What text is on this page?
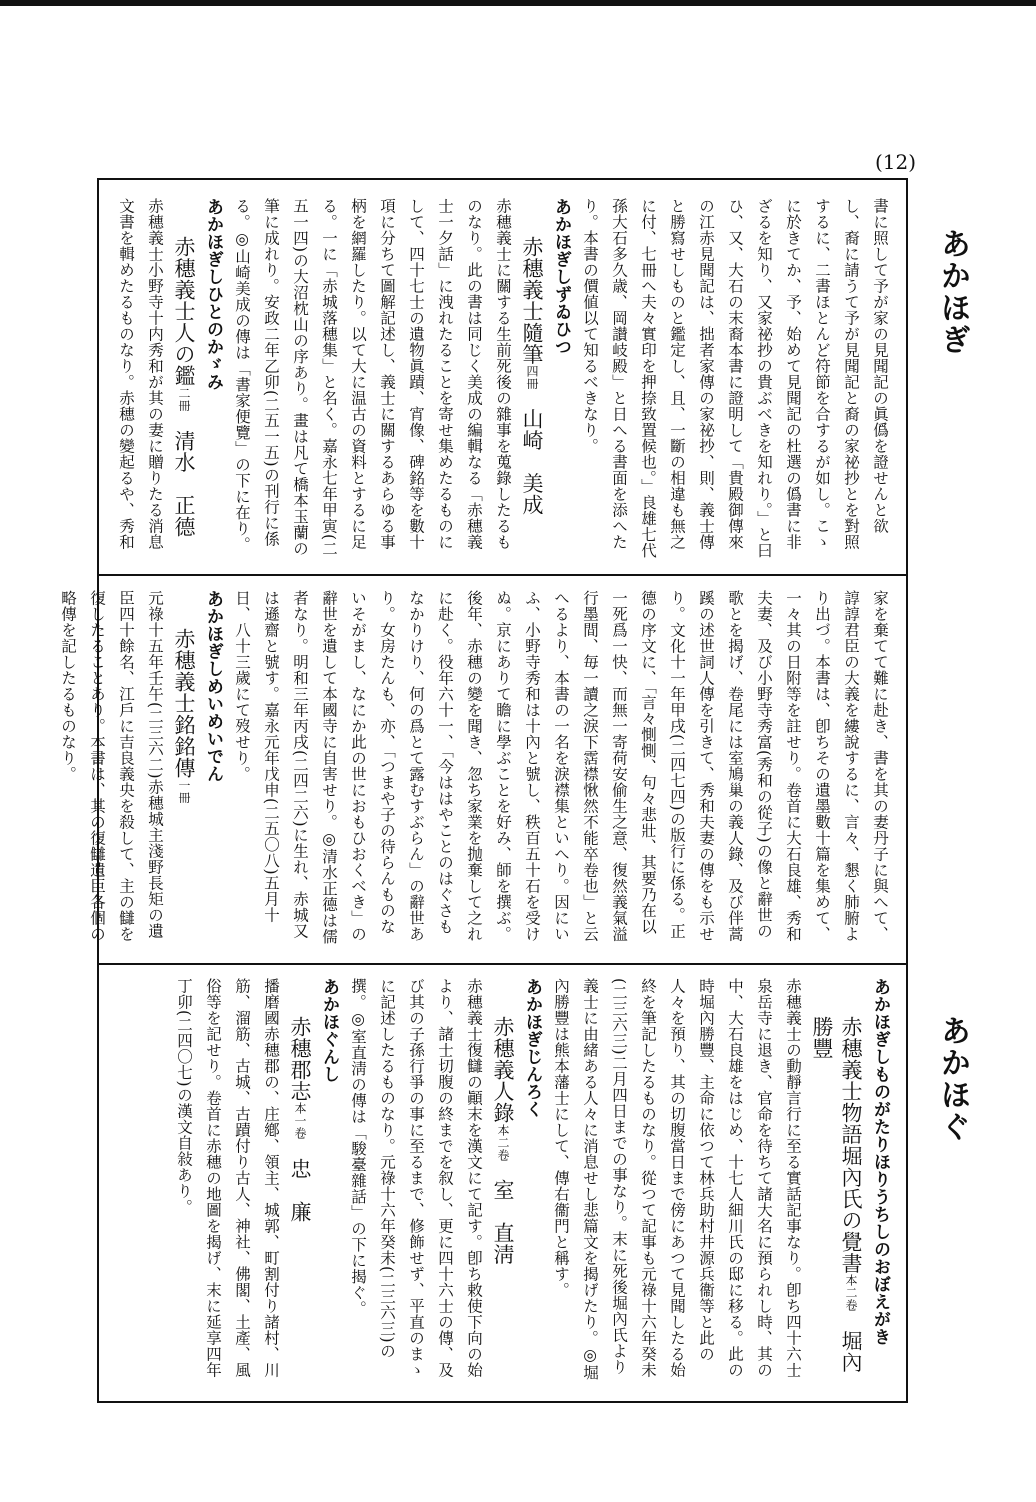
(12)
あかほぎ
あかほぐ
書に照して予が家の見聞記の眞僞を證せんと欲し、裔に請うて予が見聞記と裔の家祕抄とを對照するに、二書ほとんど符節を合するが如し。こゝに於きてか、予、始めて見聞記の杜選の僞書に非ざるを知り、又家祕抄の貴ぶべきを知れり。」と曰ひ、又、大石の末裔本書に證明して「貴殿御傳來の江赤見聞記は、拙者家傳の家祕抄、則、義士傳と勝寫せしものと鑑定し、且、一斷の相違も無之に付、七冊へ夫々實印を押捺致置候也。」良雄七代孫大石多久歳、岡讃岐殿」と日へる書面を添へたり。本書の價値以て知るべきなり。
あかほぎしずゐひつ
赤穗義士隨筆四冊山崎　美成
赤穗義士に關する生前死後の雜事を蒐錄したるものなり。此の書は同じく美成の編輯なる「赤穗義士一夕話」に洩れたることを寄せ集めたるものにして、四十七士の遺物眞蹟、宵像、碑銘等を數十項に分ちて圖解記述し、義士に關するあらゆる事柄を網羅したり。以て大に温古の資料とするに足る。一に「赤城落穗集」と名く。嘉永七年甲寅(二五一四)の大沼枕山の序あり。畫は凡て橋本玉蘭の筆に成れり。安政二年乙卯(二五一五)の刊行に係る。◎山崎美成の傳は「書家便覽」の下に在り。
あかほぎしひとのかゞみ
赤穗義士人の鑑二冊清水　正德
赤穗義士小野寺十内秀和が其の妻に贈りたる消息文書を輯めたるものなり。赤穗の變起るや、秀和
家を棄てて難に赴き、書を其の妻丹子に與へて、諄諄君臣の大義を縷說するに、言々、懇く肺腑より出づ。本書は、卽ちその遺墨數十篇を集めて、一々其の日附等を註せり。卷首に大石良雄、秀和夫妻、及び小野寺秀富(秀和の從子)の像と辭世の歌とを揭げ、卷尾には室鳩巢の義人錄、及び伴蒿蹊の述世詞人傳を引きて、秀和夫妻の傳をも示せり。文化十一年甲戌(二四七四)の版行に係る。正德の序文に、「言々惻惻、句々悲壯、其要乃在以一死爲一快、而無一寄荷安偷生之意、復然義氣溢行墨間、毎一讀之淚下霑襟愀然不能卒卷也」と云へるより、本書の一名を淚襟集といへり。因にいふ、小野寺秀和は十內と號し、秩百五十石を受けぬ。京にありて瞻に學ぶことを好み、師を撰ぶ。後年、赤穗の變を聞き、忽ち家業を抛棄して之れに赴く。役年六十一、「今ははやことのはぐさもなかりけり、何の爲とて露むすぶらん」の辭世あり。女房たんも、亦、「つまや子の待らんものないそがまし、なにか此の世におもひおくべき」の辭世を遺して本國寺に自害せり。◎清水正德は儒者なり。明和三年丙戌(二四二六)に生れ、赤城又は遜齋と號す。嘉永元年戊申(二五〇八)五月十日、八十三歲にて歿せり。
あかほぎしめいめいでん
赤穗義士銘銘傳一冊
元祿十五年壬午(二三六二)赤穗城主淺野長矩の遺臣四十餘名、江戶に吉良義央を殺して、主の讎を復したることあり。本書は、其の復讎遺臣各個の略傳を記したるものなり。
あかほぎしものがたりほりうちしのおぼえがき
赤穗義士物語堀內氏の覺書本二卷堀內　勝豐
赤穗義士の動靜言行に至る實話記事なり。卽ち四十六士泉岳寺に退き、官命を待ちて諸大名に預られし時、其の中、大石良雄をはじめ、十七人細川氏の邸に移る。此の時堀內勝豐、主命に依つて林兵助村井源兵衞等と此の人々を預り、其の切腹當日まで傍にあつて見聞したる始終を筆記したるものなり。從つて記事も元祿十六年癸未(二三六三)二月四日までの事なり。末に死後堀內氏より義士に由緒ある人々に消息せし悲篇文を揭げたり。◎堀內勝豐は熊本藩士にして、傳右衞門と稱す。
あかほぎじんろく
赤穗義人錄本二卷室　直淸
赤穗義士復讎の顚末を漢文にて記す。卽ち敕使下向の始より、諸士切腹の終までを叙し、更に四十六士の傳、及び其の子孫行爭の事に至るまで、修飾せず、平直のまゝに記述したるものなり。元祿十六年癸未(二三六三)の撰。◎室直淸の傳は「駿臺雜話」の下に揭ぐ。
あかほぐんし
赤穗郡志本一卷忠　廉
播磨國赤穗郡の、庄鄕、領主、城郭、町割付り諸村、川筋、溜筋、古城、古蹟付り古人、神社、佛閣、土產、風俗等を記せり。卷首に赤穗の地圖を揭げ、末に延享四年丁卯(二四〇七)の漢文自敍あり。
